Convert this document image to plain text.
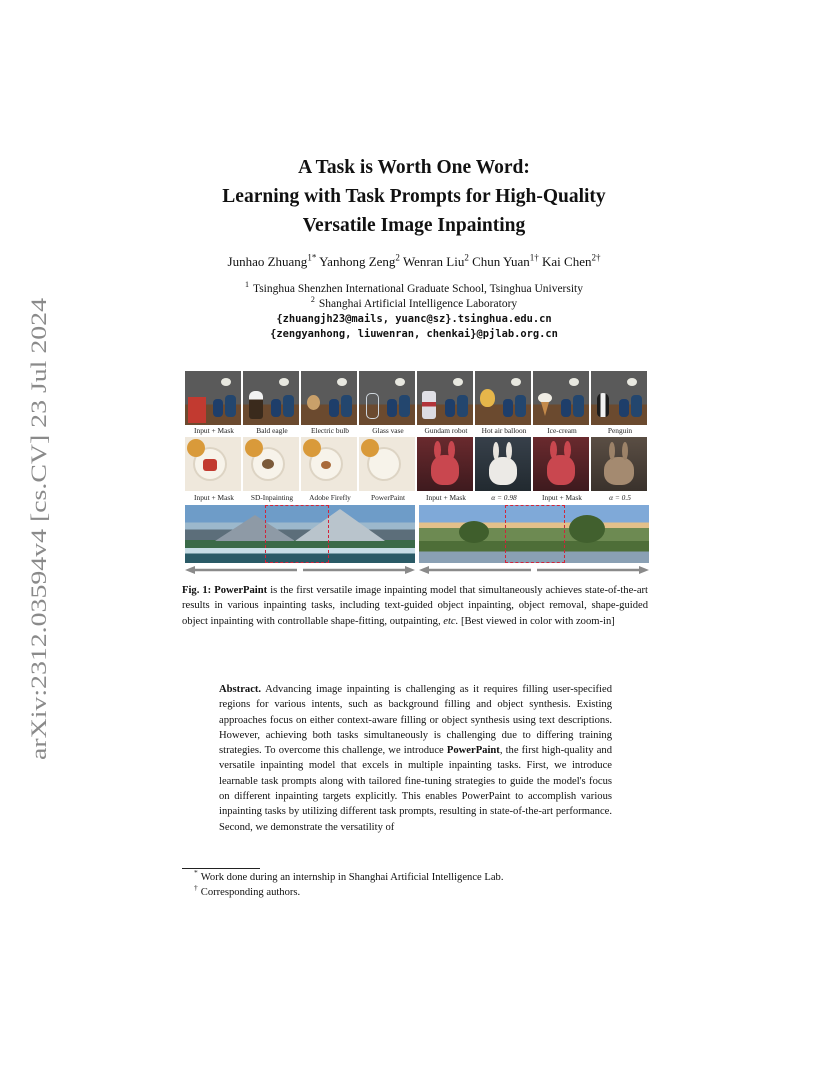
arXiv:2312.03594v4 [cs.CV] 23 Jul 2024
A Task is Worth One Word:
Learning with Task Prompts for High-Quality
Versatile Image Inpainting
Junhao Zhuang$^{1*}$ Yanhong Zeng$^2$ Wenran Liu$^2$ Chun Yuan$^{1\dagger}$ Kai Chen$^{2\dagger}$
$^1$ Tsinghua Shenzhen International Graduate School, Tsinghua University
$^2$ Shanghai Artificial Intelligence Laboratory
{zhuangjh23@mails, yuanc@sz}.tsinghua.edu.cn
{zengyanhong, liuwenran, chenkai}@pjlab.org.cn
Input + Mask	Bald eagle	Electric bulb	Glass vase	Gundam robot	Hot air balloon	Ice-cream	Penguin
Input + Mask	SD-Inpainting	Adobe Firefly	PowerPaint	Input + Mask	α = 0.98	Input + Mask	α = 0.5
Fig. 1: PowerPaint is the first versatile image inpainting model that simultaneously achieves state-of-the-art results in various inpainting tasks, including text-guided object inpainting, object removal, shape-guided object inpainting with controllable shape-fitting, outpainting, etc. [Best viewed in color with zoom-in]
Abstract. Advancing image inpainting is challenging as it requires filling user-specified regions for various intents, such as background filling and object synthesis. Existing approaches focus on either context-aware filling or object synthesis using text descriptions. However, achieving both tasks simultaneously is challenging due to differing training strategies. To overcome this challenge, we introduce PowerPaint, the first high-quality and versatile inpainting model that excels in multiple inpainting tasks. First, we introduce learnable task prompts along with tailored fine-tuning strategies to guide the model's focus on different inpainting targets explicitly. This enables PowerPaint to accomplish various inpainting tasks by utilizing different task prompts, resulting in state-of-the-art performance. Second, we demonstrate the versatility of
* Work done during an internship in Shanghai Artificial Intelligence Lab.
† Corresponding authors.
